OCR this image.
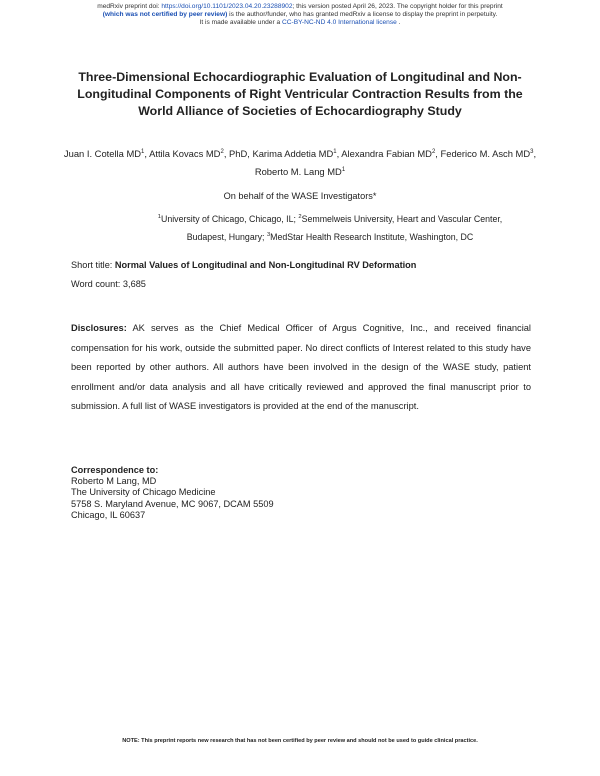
medRxiv preprint doi: https://doi.org/10.1101/2023.04.20.23288902; this version posted April 26, 2023. The copyright holder for this preprint
(which was not certified by peer review) is the author/funder, who has granted medRxiv a license to display the preprint in perpetuity.
It is made available under a CC-BY-NC-ND 4.0 International license .
Three-Dimensional Echocardiographic Evaluation of Longitudinal and Non-Longitudinal Components of Right Ventricular Contraction Results from the World Alliance of Societies of Echocardiography Study
Juan I. Cotella $MD^1$, Attila Kovacs $MD^2$, PhD, Karima Addetia $MD^1$, Alexandra Fabian $MD^2$, Federico M. Asch $MD^3$, Roberto M. Lang $MD^1$
On behalf of the WASE Investigators*
$^1$University of Chicago, Chicago, IL; $^2$Semmelweis University, Heart and Vascular Center, Budapest, Hungary; $^3$MedStar Health Research Institute, Washington, DC
Short title: Normal Values of Longitudinal and Non-Longitudinal RV Deformation
Word count: 3,685
Disclosures: AK serves as the Chief Medical Officer of Argus Cognitive, Inc., and received financial compensation for his work, outside the submitted paper. No direct conflicts of Interest related to this study have been reported by other authors. All authors have been involved in the design of the WASE study, patient enrollment and/or data analysis and all have critically reviewed and approved the final manuscript prior to submission. A full list of WASE investigators is provided at the end of the manuscript.
Correspondence to:
Roberto M Lang, MD
The University of Chicago Medicine
5758 S. Maryland Avenue, MC 9067, DCAM 5509
Chicago, IL 60637
NOTE: This preprint reports new research that has not been certified by peer review and should not be used to guide clinical practice.
